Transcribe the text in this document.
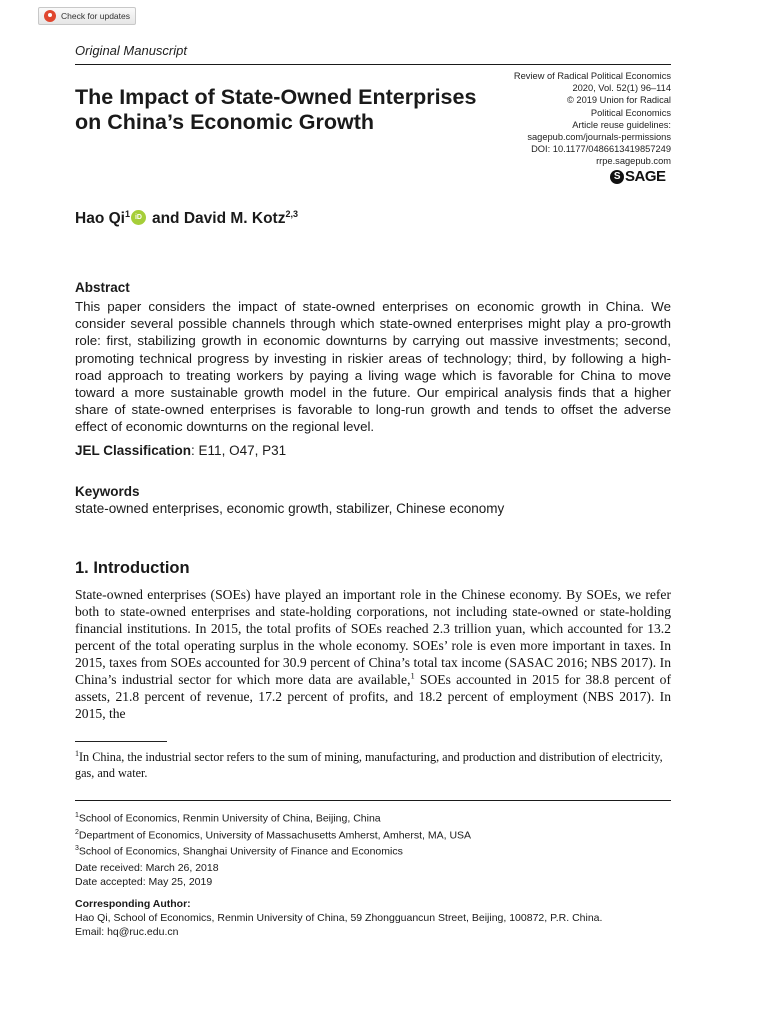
Check for updates
Original Manuscript
The Impact of State-Owned Enterprises on China’s Economic Growth
Review of Radical Political Economics
2020, Vol. 52(1) 96–114
© 2019 Union for Radical
Political Economics
Article reuse guidelines:
sagepub.com/journals-permissions
DOI: 10.1177/0486613419857249
rrpe.sagepub.com
S SAGE
Hao Qi$^1$ iD and
David M. Kotz$^{2,3}$
Abstract
This paper considers the impact of state-owned enterprises on economic growth in China. We consider several possible channels through which state-owned enterprises might play a pro-growth role: first, stabilizing growth in economic downturns by carrying out massive investments; second, promoting technical progress by investing in riskier areas of technology; third, by following a high-road approach to treating workers by paying a living wage which is favorable for China to move toward a more sustainable growth model in the future. Our empirical analysis finds that a higher share of state-owned enterprises is favorable to long-run growth and tends to offset the adverse effect of economic downturns on the regional level.
JEL Classification: E11, O47, P31
Keywords
state-owned enterprises, economic growth, stabilizer, Chinese economy
1. Introduction
State-owned enterprises (SOEs) have played an important role in the Chinese economy. By SOEs, we refer both to state-owned enterprises and state-holding corporations, not including state-owned or state-holding financial institutions. In 2015, the total profits of SOEs reached 2.3 trillion yuan, which accounted for 13.2 percent of the total operating surplus in the whole economy. SOEs’ role is even more important in taxes. In 2015, taxes from SOEs accounted for 30.9 percent of China’s total tax income (SASAC 2016; NBS 2017). In China’s industrial sector for which more data are available,$^1$ SOEs accounted in 2015 for 38.8 percent of assets, 21.8 percent of revenue, 17.2 percent of profits, and 18.2 percent of employment (NBS 2017). In 2015, the
$^1$In China, the industrial sector refers to the sum of mining, manufacturing, and production and distribution of electricity, gas, and water.
$^1$School of Economics, Renmin University of China, Beijing, China
$^2$Department of Economics, University of Massachusetts Amherst, Amherst, MA, USA
$^3$School of Economics, Shanghai University of Finance and Economics
Date received: March 26, 2018
Date accepted: May 25, 2019
Corresponding Author:
Hao Qi, School of Economics, Renmin University of China, 59 Zhongguancun Street, Beijing, 100872, P.R. China.
Email: hq@ruc.edu.cn
